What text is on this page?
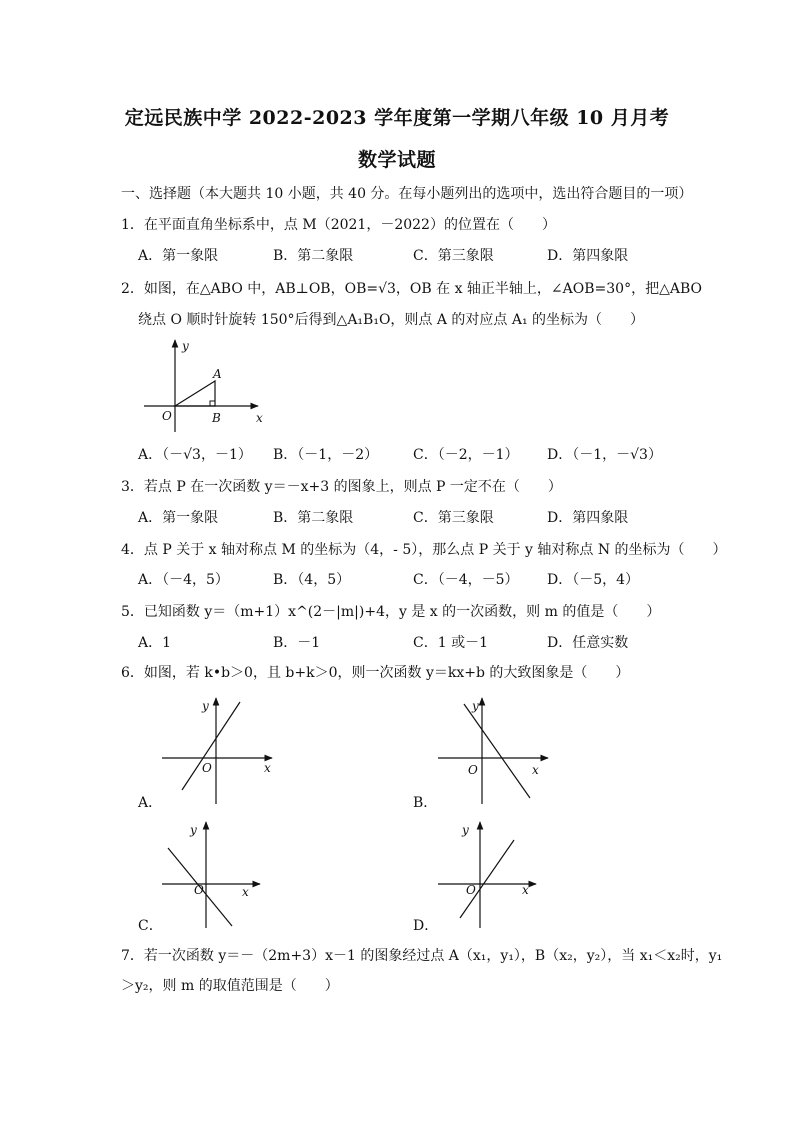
定远民族中学 2022-2023 学年度第一学期八年级 10 月月考
数学试题
一、选择题（本大题共 10 小题，共 40 分。在每小题列出的选项中，选出符合题目的一项）
1．在平面直角坐标系中，点 M（2021，－2022）的位置在（　　）
A．第一象限	B．第二象限	C．第三象限	D．第四象限
2．如图，在△ABO 中，AB⊥OB，OB=√3，OB 在 x 轴正半轴上，∠AOB=30°，把△ABO
绕点 O 顺时针旋转 150°后得到△A₁B₁O，则点 A 的对应点 A₁ 的坐标为（　　）
y
x
A
O	B
A．（－√3，－1） B．（－1，－2） C．（－2，－1） D．（－1，－√3）
3．若点 P 在一次函数 y＝－x+3 的图象上，则点 P 一定不在（　　）
A．第一象限	B．第二象限	C．第三象限	D．第四象限
4．点 P 关于 x 轴对称点 M 的坐标为（4，- 5），那么点 P 关于 y 轴对称点 N 的坐标为（　　）
A．（－4，5）	B．（4，5）	C．（－4，－5） D．（－5，4）
5．已知函数 y＝（m+1）x^(2－|m|)+4，y 是 x 的一次函数，则 m 的值是（　　）
A．1	B．－1	C．1 或－1	D．任意实数
6．如图，若 k•b＞0，且 b+k＞0，则一次函数 y＝kx+b 的大致图象是（　　）
y
x
O
A．
y
x
O
B．
y
x
O
C．
y
x
O
D．
7．若一次函数 y＝－（2m+3）x－1 的图象经过点 A（x₁，y₁），B（x₂，y₂），当 x₁＜x₂时，y₁
＞y₂，则 m 的取值范围是（　　）
